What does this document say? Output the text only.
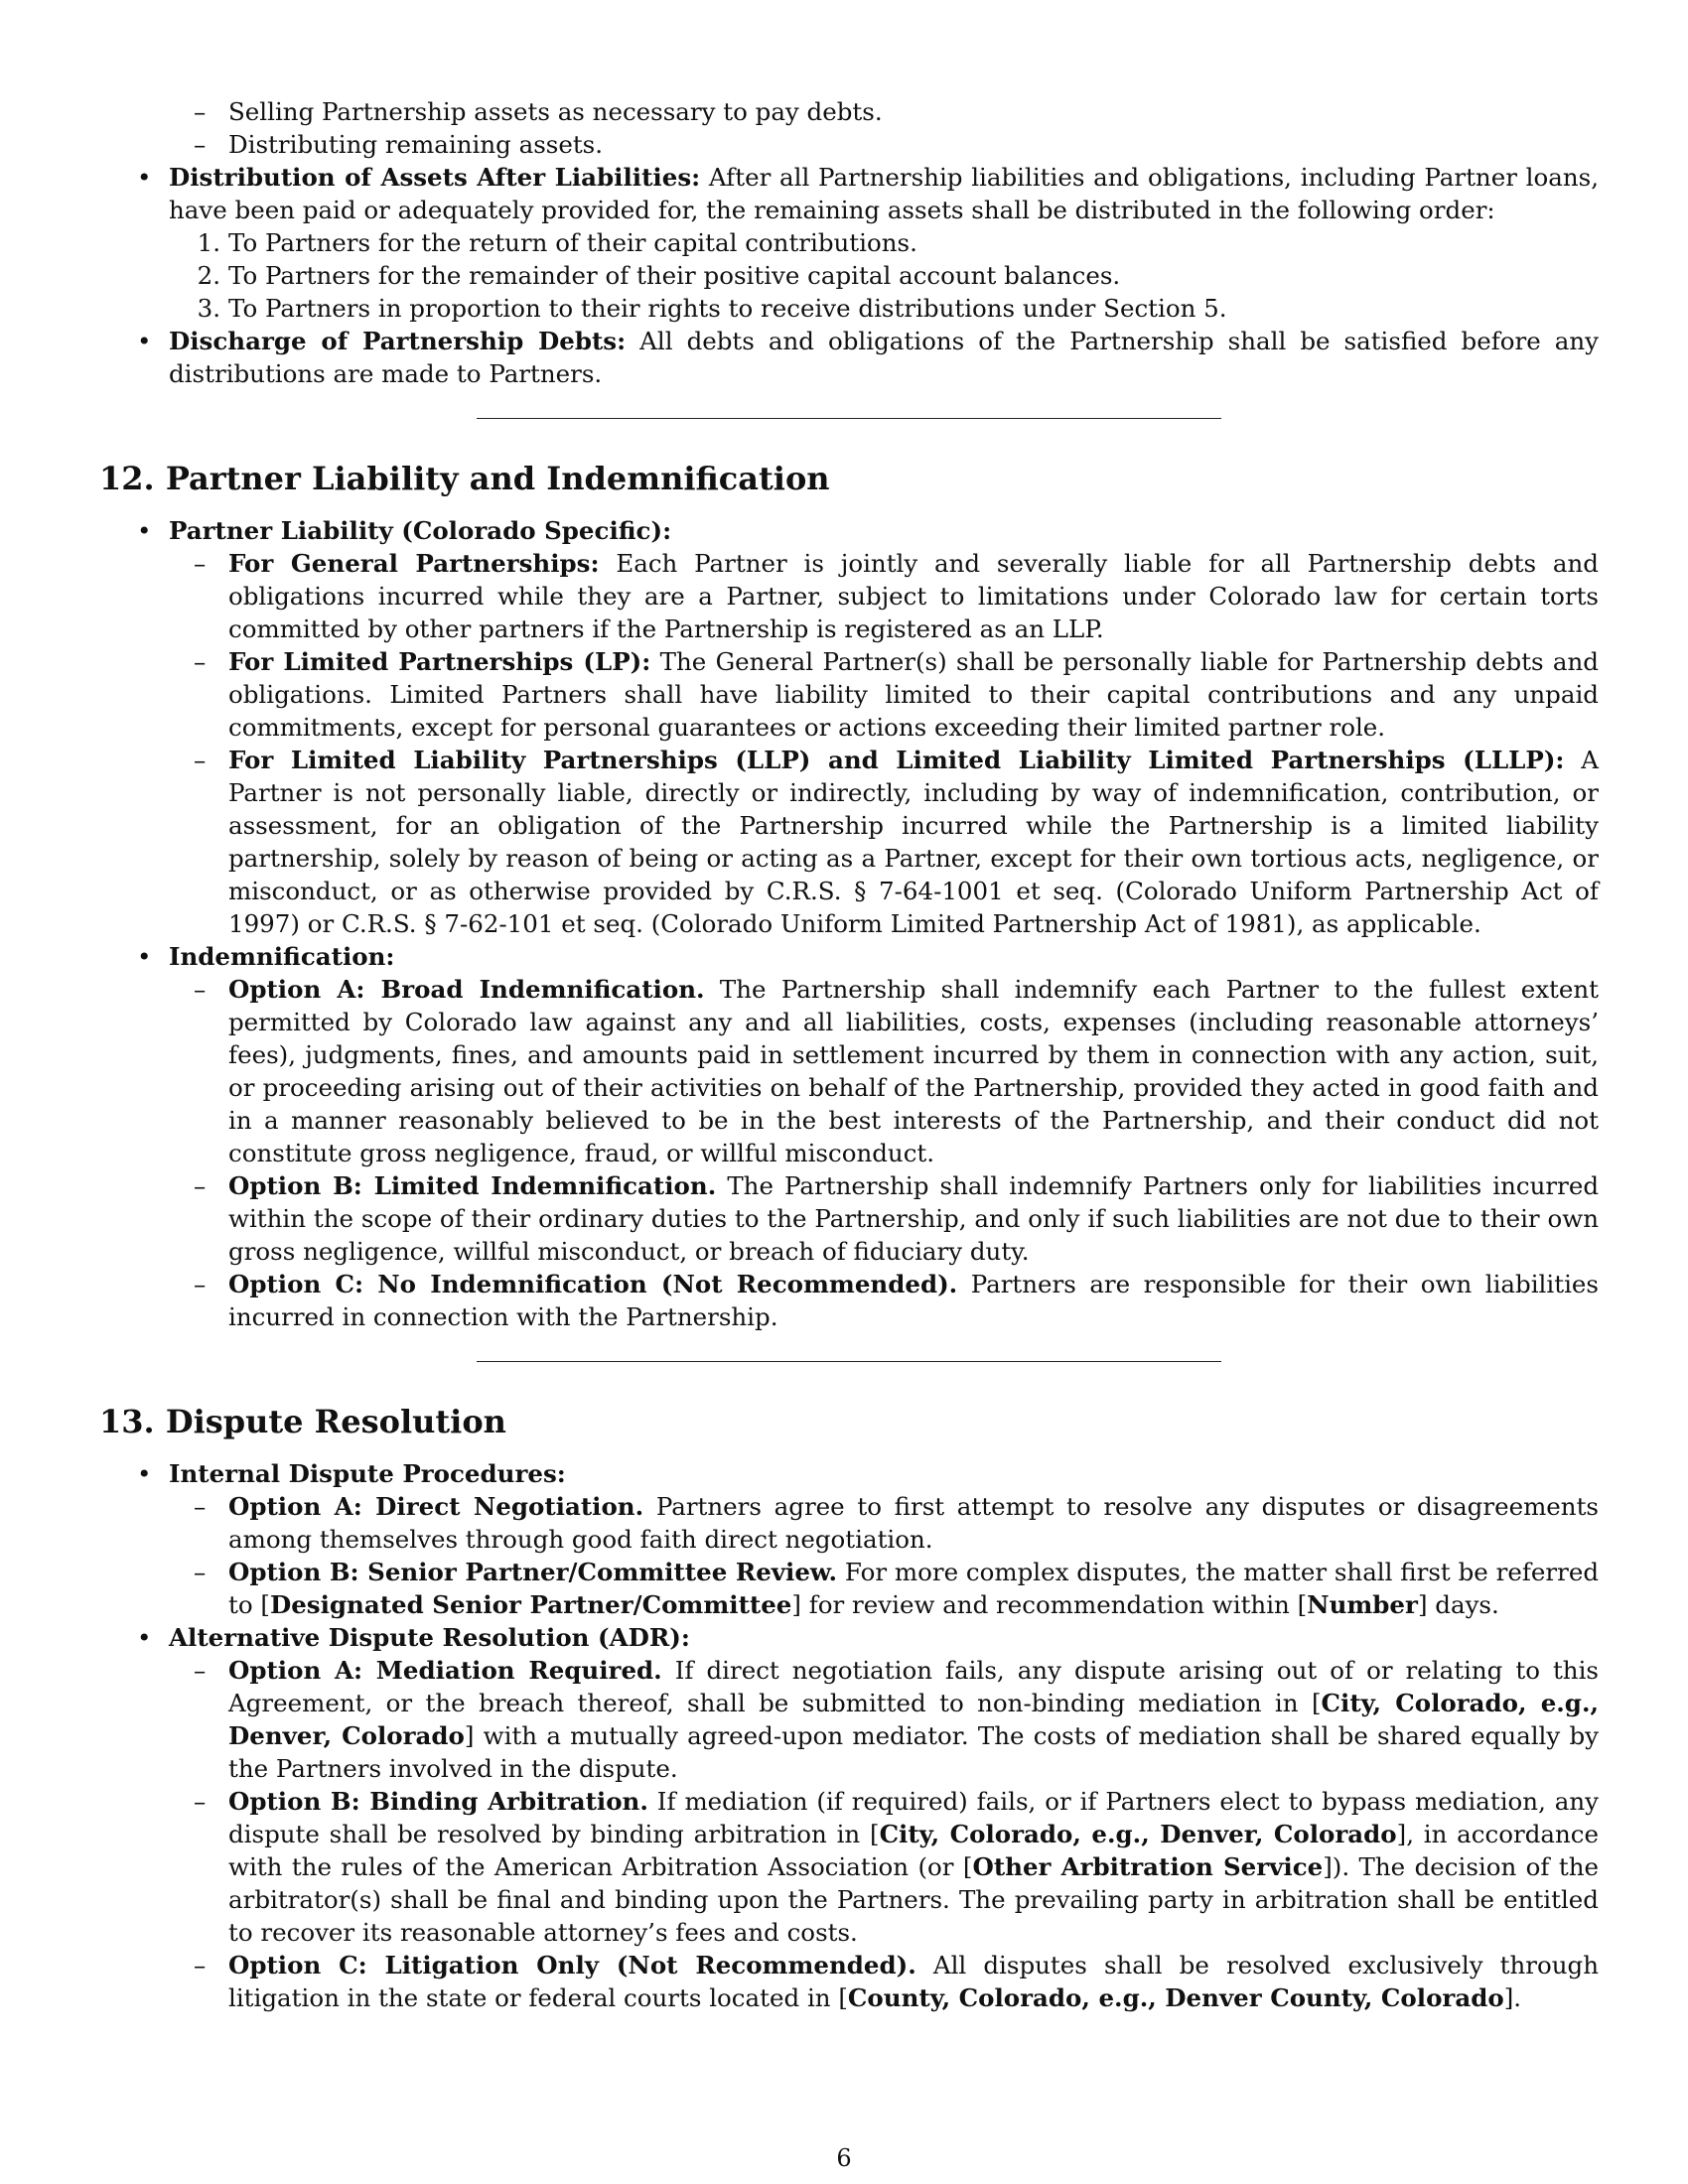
– Selling Partnership assets as necessary to pay debts.
– Distributing remaining assets.
• Distribution of Assets After Liabilities: After all Partnership liabilities and obligations, including Partner loans, have been paid or adequately provided for, the remaining assets shall be distributed in the following order:
1. To Partners for the return of their capital contributions.
2. To Partners for the remainder of their positive capital account balances.
3. To Partners in proportion to their rights to receive distributions under Section 5.
• Discharge of Partnership Debts: All debts and obligations of the Partnership shall be satisfied before any distributions are made to Partners.
12. Partner Liability and Indemnification
• Partner Liability (Colorado Specific):
– For General Partnerships: Each Partner is jointly and severally liable for all Partnership debts and obligations incurred while they are a Partner, subject to limitations under Colorado law for certain torts committed by other partners if the Partnership is registered as an LLP.
– For Limited Partnerships (LP): The General Partner(s) shall be personally liable for Partnership debts and obligations. Limited Partners shall have liability limited to their capital contributions and any unpaid commitments, except for personal guarantees or actions exceeding their limited partner role.
– For Limited Liability Partnerships (LLP) and Limited Liability Limited Partnerships (LLLP): A Partner is not personally liable, directly or indirectly, including by way of indemnification, contribution, or assessment, for an obligation of the Partnership incurred while the Partnership is a limited liability partnership, solely by reason of being or acting as a Partner, except for their own tortious acts, negligence, or misconduct, or as otherwise provided by C.R.S. § 7-64-1001 et seq. (Colorado Uniform Partnership Act of 1997) or C.R.S. § 7-62-101 et seq. (Colorado Uniform Limited Partnership Act of 1981), as applicable.
• Indemnification:
– Option A: Broad Indemnification. The Partnership shall indemnify each Partner to the fullest extent permitted by Colorado law against any and all liabilities, costs, expenses (including reasonable attorneys’ fees), judgments, fines, and amounts paid in settlement incurred by them in connection with any action, suit, or proceeding arising out of their activities on behalf of the Partnership, provided they acted in good faith and in a manner reasonably believed to be in the best interests of the Partnership, and their conduct did not constitute gross negligence, fraud, or willful misconduct.
– Option B: Limited Indemnification. The Partnership shall indemnify Partners only for liabilities incurred within the scope of their ordinary duties to the Partnership, and only if such liabilities are not due to their own gross negligence, willful misconduct, or breach of fiduciary duty.
– Option C: No Indemnification (Not Recommended). Partners are responsible for their own liabilities incurred in connection with the Partnership.
13. Dispute Resolution
• Internal Dispute Procedures:
– Option A: Direct Negotiation. Partners agree to first attempt to resolve any disputes or disagreements among themselves through good faith direct negotiation.
– Option B: Senior Partner/Committee Review. For more complex disputes, the matter shall first be referred to [Designated Senior Partner/Committee] for review and recommendation within [Number] days.
• Alternative Dispute Resolution (ADR):
– Option A: Mediation Required. If direct negotiation fails, any dispute arising out of or relating to this Agreement, or the breach thereof, shall be submitted to non-binding mediation in [City, Colorado, e.g., Denver, Colorado] with a mutually agreed-upon mediator. The costs of mediation shall be shared equally by the Partners involved in the dispute.
– Option B: Binding Arbitration. If mediation (if required) fails, or if Partners elect to bypass mediation, any dispute shall be resolved by binding arbitration in [City, Colorado, e.g., Denver, Colorado], in accordance with the rules of the American Arbitration Association (or [Other Arbitration Service]). The decision of the arbitrator(s) shall be final and binding upon the Partners. The prevailing party in arbitration shall be entitled to recover its reasonable attorney’s fees and costs.
– Option C: Litigation Only (Not Recommended). All disputes shall be resolved exclusively through litigation in the state or federal courts located in [County, Colorado, e.g., Denver County, Colorado].
6
